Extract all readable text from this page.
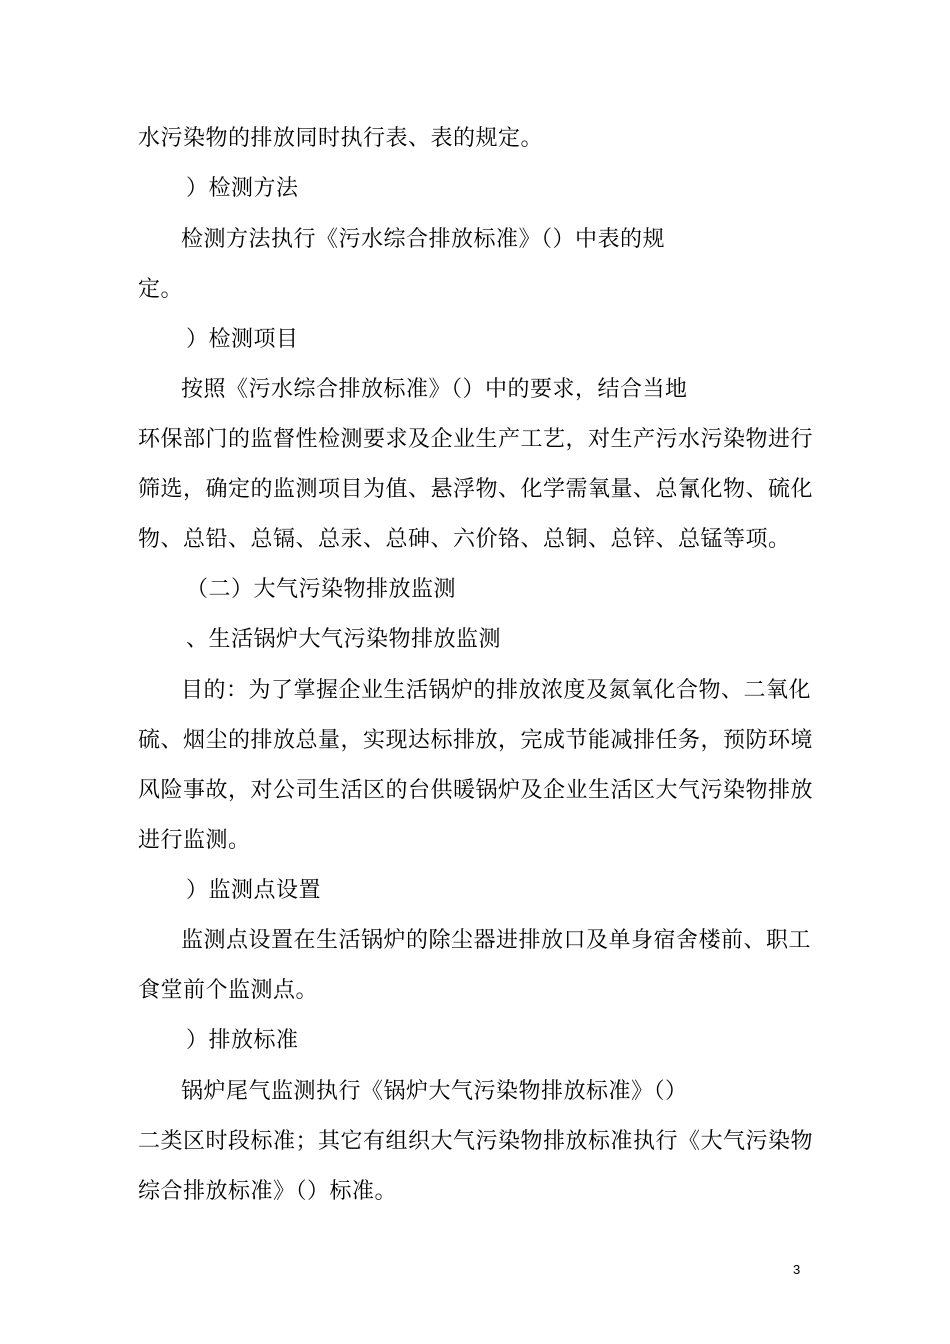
水污染物的排放同时执行表、表的规定。
）检测方法
检测方法执行《污水综合排放标准》（）中表的规
定。
）检测项目
按照《污水综合排放标准》（）中的要求，结合当地
环保部门的监督性检测要求及企业生产工艺，对生产污水污染物进行
筛选，确定的监测项目为值、悬浮物、化学需氧量、总氰化物、硫化
物、总铅、总镉、总汞、总砷、六价铬、总铜、总锌、总锰等项。
（二）大气污染物排放监测
、生活锅炉大气污染物排放监测
目的：为了掌握企业生活锅炉的排放浓度及氮氧化合物、二氧化
硫、烟尘的排放总量，实现达标排放，完成节能减排任务，预防环境
风险事故，对公司生活区的台供暖锅炉及企业生活区大气污染物排放
进行监测。
）监测点设置
监测点设置在生活锅炉的除尘器进排放口及单身宿舍楼前、职工
食堂前个监测点。
）排放标准
锅炉尾气监测执行《锅炉大气污染物排放标准》（）
二类区时段标准；其它有组织大气污染物排放标准执行《大气污染物
综合排放标准》（）标准。
3
